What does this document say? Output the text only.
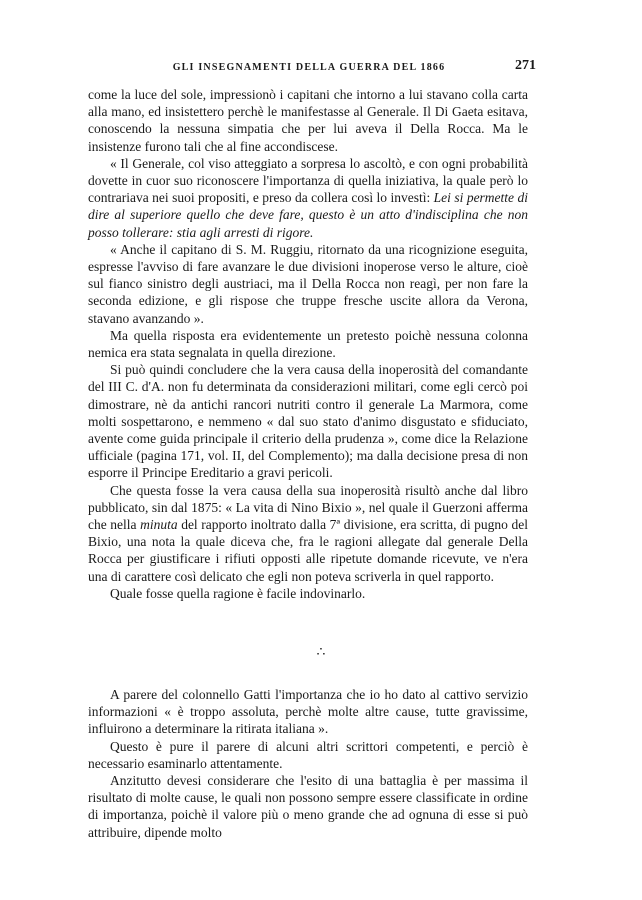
GLI INSEGNAMENTI DELLA GUERRA DEL 1866	271

come la luce del sole, impressionò i capitani che intorno a lui stavano colla carta alla mano, ed insistettero perchè le manifestasse al Generale. Il Di Gaeta esitava, conoscendo la nessuna simpatia che per lui aveva il Della Rocca. Ma le insistenze furono tali che al fine accondiscese.

« Il Generale, col viso atteggiato a sorpresa lo ascoltò, e con ogni probabilità dovette in cuor suo riconoscere l'importanza di quella iniziativa, la quale però lo contrariava nei suoi propositi, e preso da collera così lo investì: Lei si permette di dire al superiore quello che deve fare, questo è un atto d'indisciplina che non posso tollerare: stia agli arresti di rigore.

« Anche il capitano di S. M. Ruggiu, ritornato da una ricognizione eseguita, espresse l'avviso di fare avanzare le due divisioni inoperose verso le alture, cioè sul fianco sinistro degli austriaci, ma il Della Rocca non reagì, per non fare la seconda edizione, e gli rispose che truppe fresche uscite allora da Verona, stavano avanzando ».

Ma quella risposta era evidentemente un pretesto poichè nessuna colonna nemica era stata segnalata in quella direzione.

Si può quindi concludere che la vera causa della inoperosità del comandante del III C. d'A. non fu determinata da considerazioni militari, come egli cercò poi dimostrare, nè da antichi rancori nutriti contro il generale La Marmora, come molti sospettarono, e nemmeno « dal suo stato d'animo disgustato e sfiduciato, avente come guida principale il criterio della prudenza », come dice la Relazione ufficiale (pagina 171, vol. II, del Complemento); ma dalla decisione presa di non esporre il Principe Ereditario a gravi pericoli.

Che questa fosse la vera causa della sua inoperosità risultò anche dal libro pubblicato, sin dal 1875: « La vita di Nino Bixio », nel quale il Guerzoni afferma che nella minuta del rapporto inoltrato dalla 7ª divisione, era scritta, di pugno del Bixio, una nota la quale diceva che, fra le ragioni allegate dal generale Della Rocca per giustificare i rifiuti opposti alle ripetute domande ricevute, ve n'era una di carattere così delicato che egli non poteva scriverla in quel rapporto.

Quale fosse quella ragione è facile indovinarlo.

∴

A parere del colonnello Gatti l'importanza che io ho dato al cattivo servizio informazioni « è troppo assoluta, perchè molte altre cause, tutte gravissime, influirono a determinare la ritirata italiana ».

Questo è pure il parere di alcuni altri scrittori competenti, e perciò è necessario esaminarlo attentamente.

Anzitutto devesi considerare che l'esito di una battaglia è per massima il risultato di molte cause, le quali non possono sempre essere classificate in ordine di importanza, poichè il valore più o meno grande che ad ognuna di esse si può attribuire, dipende molto
